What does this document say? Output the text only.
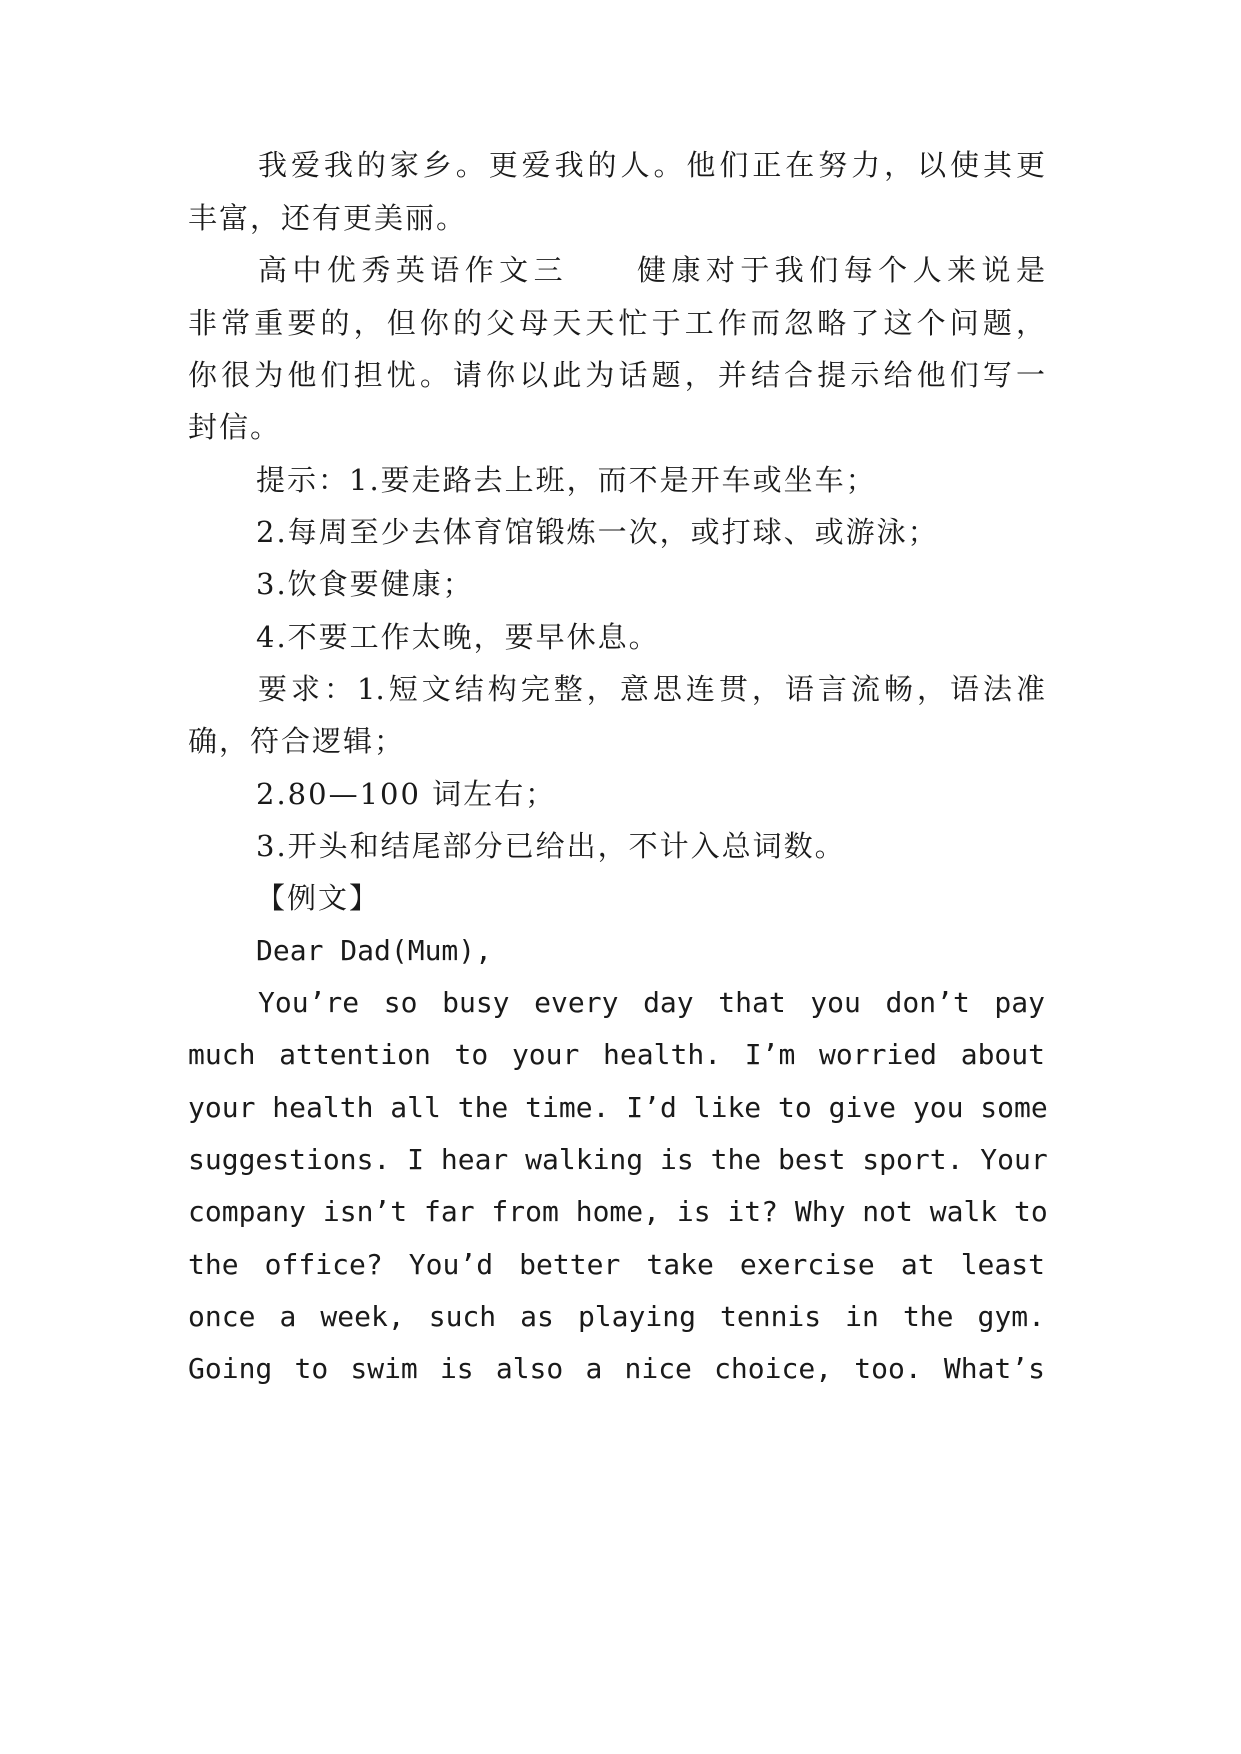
我爱我的家乡。更爱我的人。他们正在努力，以使其更
丰富，还有更美丽。
高中优秀英语作文三　　健康对于我们每个人来说是
非常重要的，但你的父母天天忙于工作而忽略了这个问题，
你很为他们担忧。请你以此为话题，并结合提示给他们写一
封信。
提示：1.要走路去上班，而不是开车或坐车；
2.每周至少去体育馆锻炼一次，或打球、或游泳；
3.饮食要健康；
4.不要工作太晚，要早休息。
要求：1.短文结构完整，意思连贯，语言流畅，语法准
确，符合逻辑；
2.80—100 词左右；
3.开头和结尾部分已给出，不计入总词数。
【例文】
Dear Dad(Mum),
You’re so busy every day that you don’t pay
much attention to your health. I’m worried about
your health all the time. I’d like to give you some
suggestions. I hear walking is the best sport. Your
company isn’t far from home, is it? Why not walk to
the office? You’d better take exercise at least
once a week, such as playing tennis in the gym.
Going to swim is also a nice choice, too. What’s
